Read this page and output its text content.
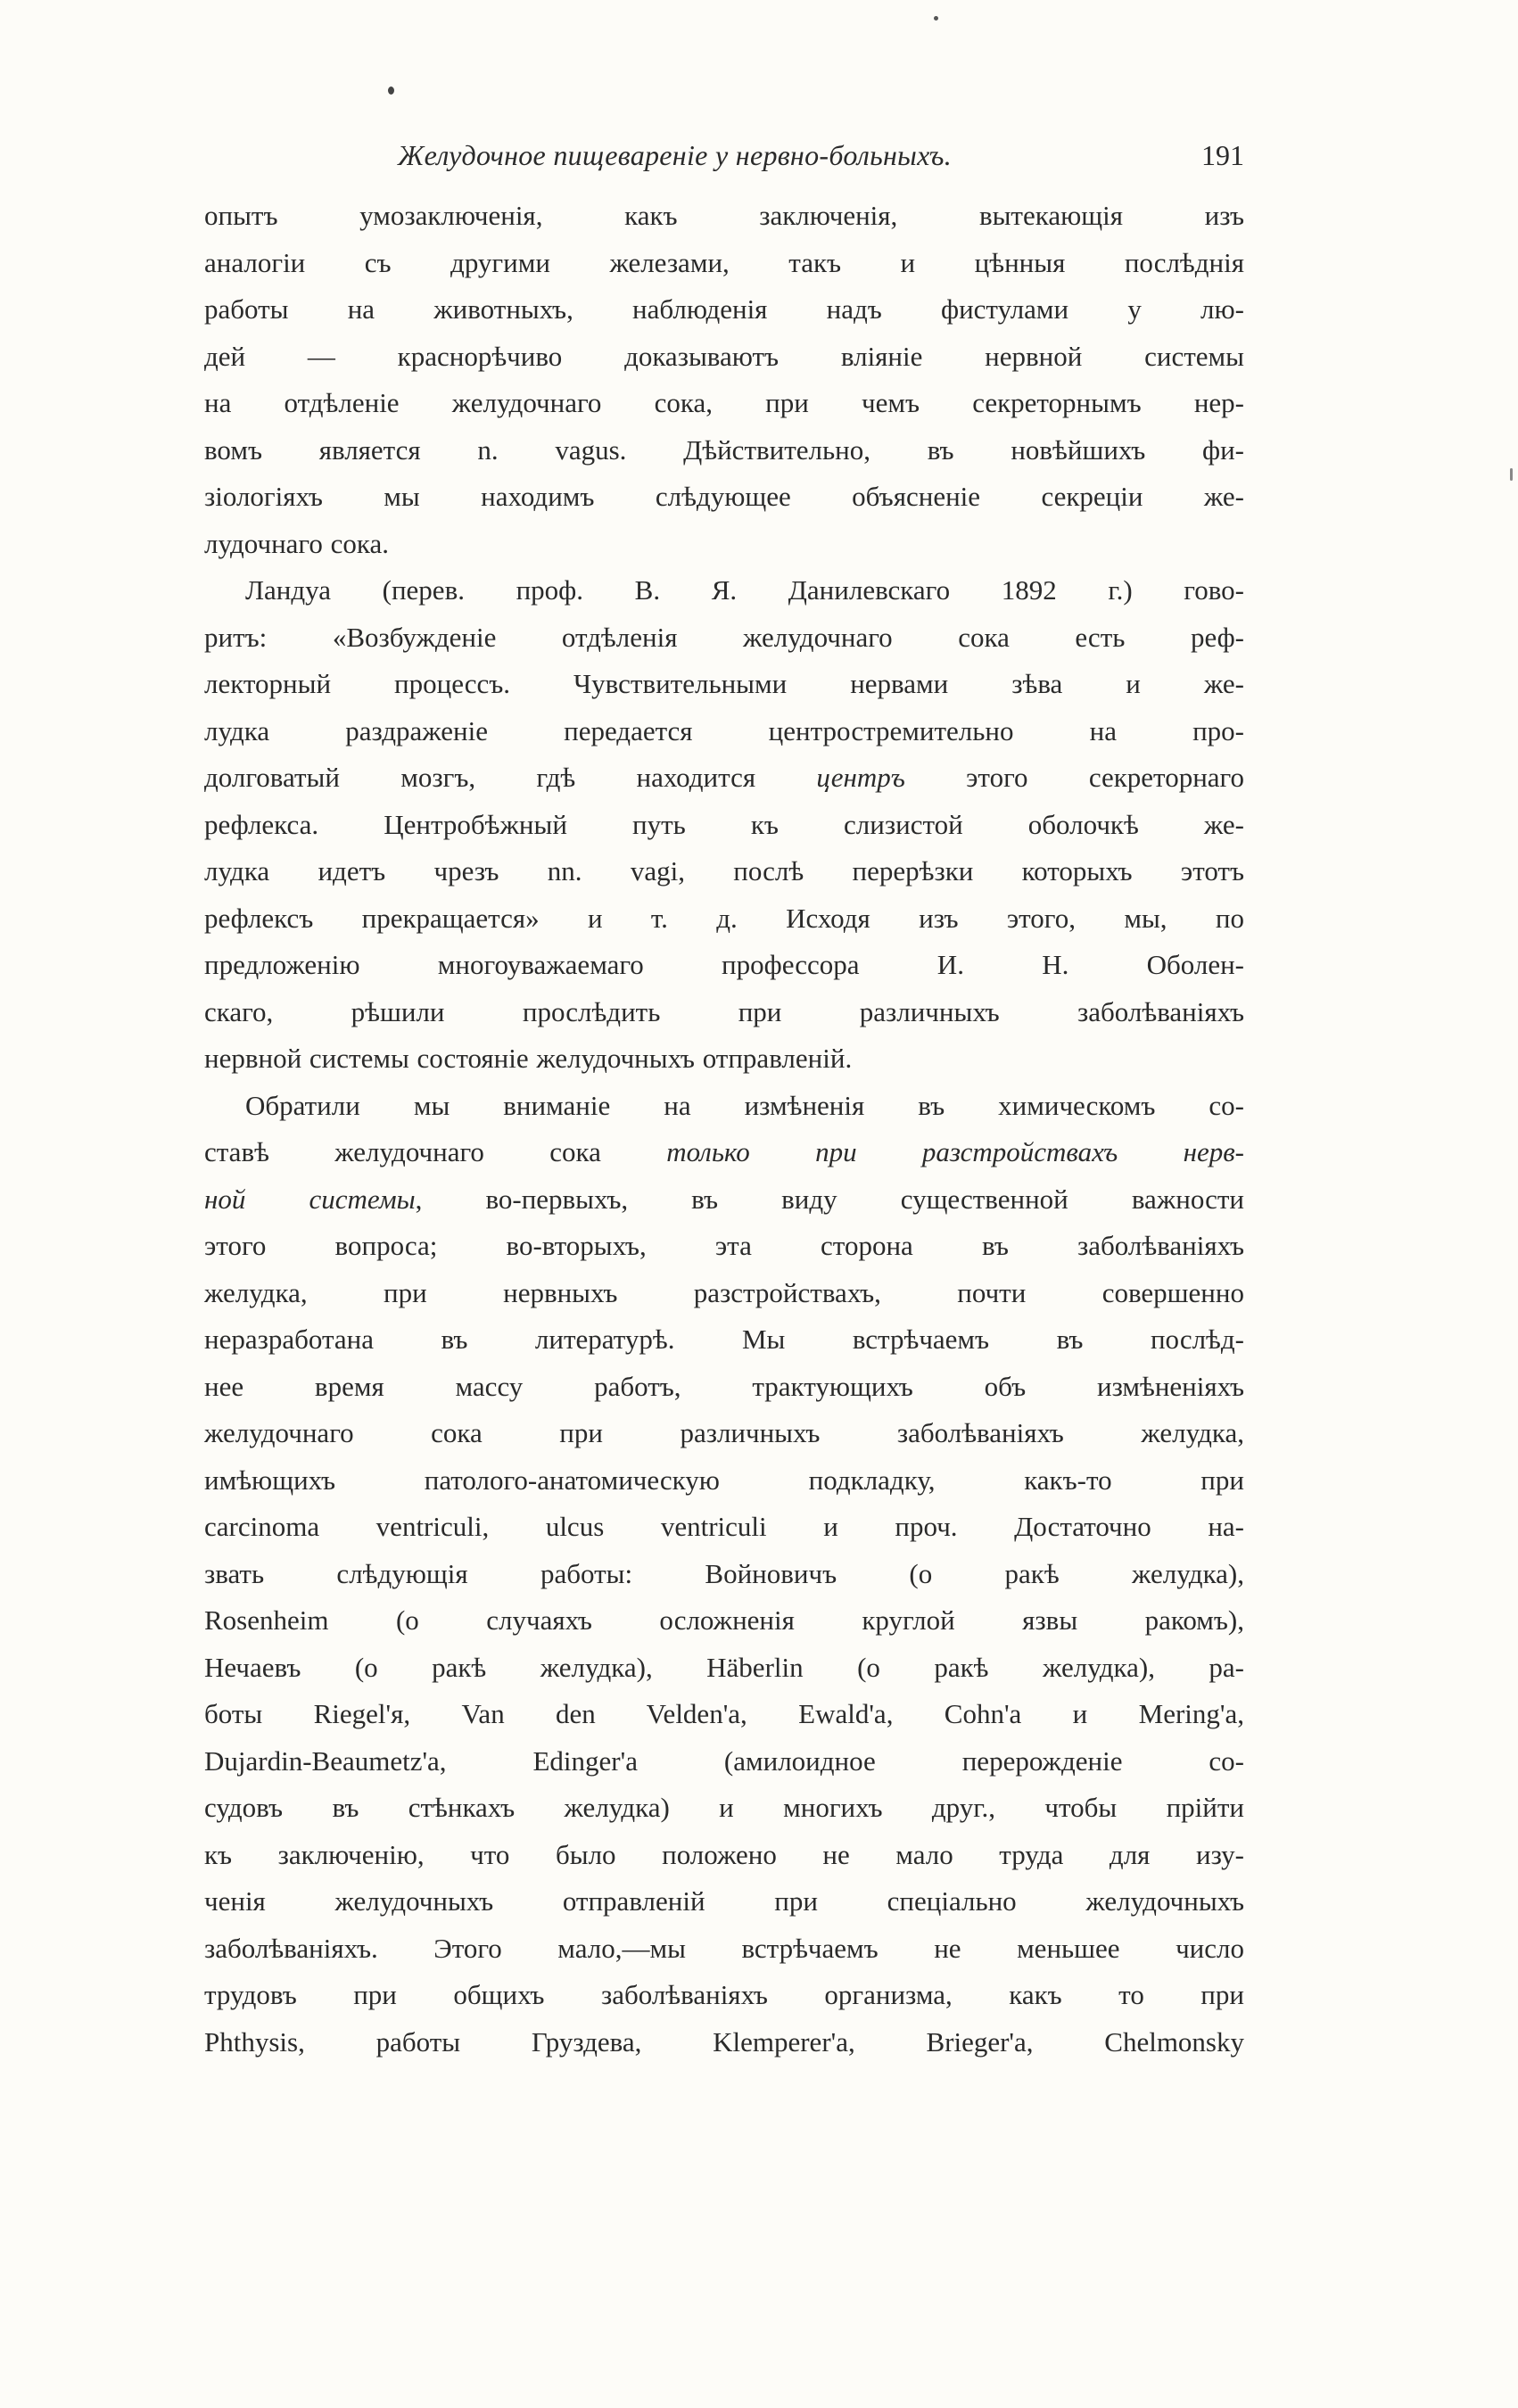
Желудочное пищевареніе у нервно-больныхъ.	191
опытъ умозаключенія, какъ заключенія, вытекающія изъ
аналогіи съ другими железами, такъ и цѣнныя послѣднія
работы на животныхъ, наблюденія надъ фистулами у лю-
дей — краснорѣчиво доказываютъ вліяніе нервной системы
на отдѣленіе желудочнаго сока, при чемъ секреторнымъ нер-
вомъ является n. vagus. Дѣйствительно, въ новѣйшихъ фи-
зіологіяхъ мы находимъ слѣдующее объясненіе секреціи же-
лудочнаго сока.
Ландуа (перев. проф. В. Я. Данилевскаго 1892 г.) гово-
ритъ: «Возбужденіе отдѣленія желудочнаго сока есть реф-
лекторный процессъ. Чувствительными нервами зѣва и же-
лудка раздраженіе передается центростремительно на про-
долговатый мозгъ, гдѣ находится центръ этого секреторнаго
рефлекса. Центробѣжный путь къ слизистой оболочкѣ же-
лудка идетъ чрезъ nn. vagi, послѣ перерѣзки которыхъ этотъ
рефлексъ прекращается» и т. д. Исходя изъ этого, мы, по
предложенію многоуважаемаго профессора И. Н. Оболен-
скаго, рѣшили прослѣдить при различныхъ заболѣваніяхъ
нервной системы состояніе желудочныхъ отправленій.
Обратили мы вниманіе на измѣненія въ химическомъ со-
ставѣ желудочнаго сока только при разстройствахъ нерв-
ной системы, во-первыхъ, въ виду существенной важности
этого вопроса; во-вторыхъ, эта сторона въ заболѣваніяхъ
желудка, при нервныхъ разстройствахъ, почти совершенно
неразработана въ литературѣ. Мы встрѣчаемъ въ послѣд-
нее время массу работъ, трактующихъ объ измѣненіяхъ
желудочнаго сока при различныхъ заболѣваніяхъ желудка,
имѣющихъ патолого-анатомическую подкладку, какъ-то при
carcinoma ventriculi, ulcus ventriculi и проч. Достаточно на-
звать слѣдующія работы: Войновичъ (о ракѣ желудка),
Rosenheim (о случаяхъ осложненія круглой язвы ракомъ),
Нечаевъ (о ракѣ желудка), Häberlin (о ракѣ желудка), ра-
боты Riegel'я, Van den Velden'a, Ewald'a, Cohn'a и Mering'a,
Dujardin-Beaumetz'a, Edinger'a (амилоидное перерожденіе со-
судовъ въ стѣнкахъ желудка) и многихъ друг., чтобы прійти
къ заключенію, что было положено не мало труда для изу-
ченія желудочныхъ отправленій при спеціально желудочныхъ
заболѣваніяхъ. Этого мало,—мы встрѣчаемъ не меньшее число
трудовъ при общихъ заболѣваніяхъ организма, какъ то при
Phthysis, работы Груздева, Klemperer'a, Brieger'a, Chelmonsky
